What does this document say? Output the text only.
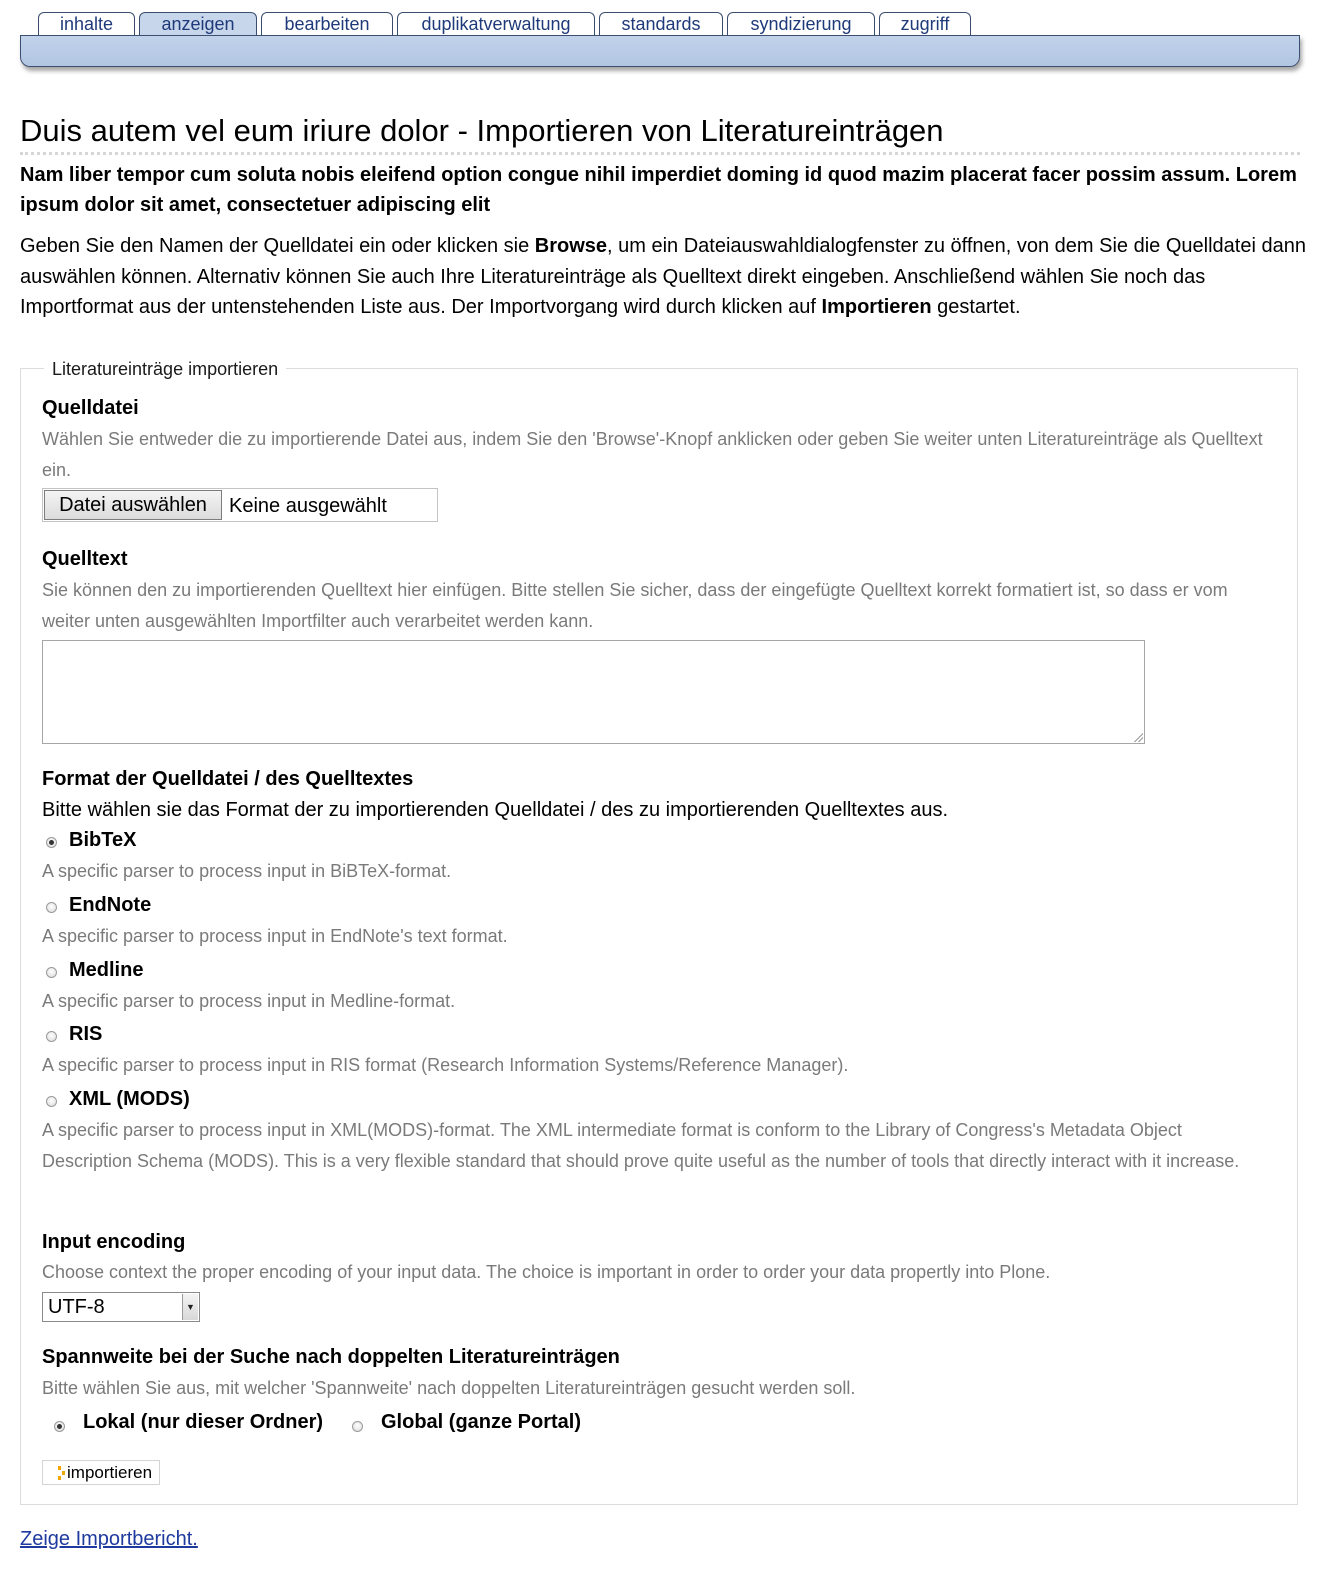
inhalte	anzeigen	bearbeiten	duplikatverwaltung	standards	syndizierung	zugriff
Duis autem vel eum iriure dolor - Importieren von Literatureinträgen

Nam liber tempor cum soluta nobis eleifend option congue nihil imperdiet doming id quod mazim placerat facer possim assum. Lorem ipsum dolor sit amet, consectetuer adipiscing elit

Geben Sie den Namen der Quelldatei ein oder klicken sie Browse, um ein Dateiauswahldialogfenster zu öffnen, von dem Sie die Quelldatei dann auswählen können. Alternativ können Sie auch Ihre Literatureinträge als Quelltext direkt eingeben. Anschließend wählen Sie noch das Importformat aus der untenstehenden Liste aus. Der Importvorgang wird durch klicken auf Importieren gestartet.

Literatureinträge importieren
Quelldatei
Wählen Sie entweder die zu importierende Datei aus, indem Sie den 'Browse'-Knopf anklicken oder geben Sie weiter unten Literatureinträge als Quelltext ein.
Datei auswählen	Keine ausgewählt
Quelltext
Sie können den zu importierenden Quelltext hier einfügen. Bitte stellen Sie sicher, dass der eingefügte Quelltext korrekt formatiert ist, so dass er vom weiter unten ausgewählten Importfilter auch verarbeitet werden kann.
Format der Quelldatei / des Quelltextes
Bitte wählen sie das Format der zu importierenden Quelldatei / des zu importierenden Quelltextes aus.
BibTeX
A specific parser to process input in BiBTeX-format.
EndNote
A specific parser to process input in EndNote's text format.
Medline
A specific parser to process input in Medline-format.
RIS
A specific parser to process input in RIS format (Research Information Systems/Reference Manager).
XML (MODS)
A specific parser to process input in XML(MODS)-format. The XML intermediate format is conform to the Library of Congress's Metadata Object Description Schema (MODS). This is a very flexible standard that should prove quite useful as the number of tools that directly interact with it increase.
Input encoding
Choose context the proper encoding of your input data. The choice is important in order to order your data propertly into Plone.
UTF-8	▼
Spannweite bei der Suche nach doppelten Literatureinträgen
Bitte wählen Sie aus, mit welcher 'Spannweite' nach doppelten Literatureinträgen gesucht werden soll.
Lokal (nur dieser Ordner)	Global (ganze Portal)
importieren
Zeige Importbericht.
